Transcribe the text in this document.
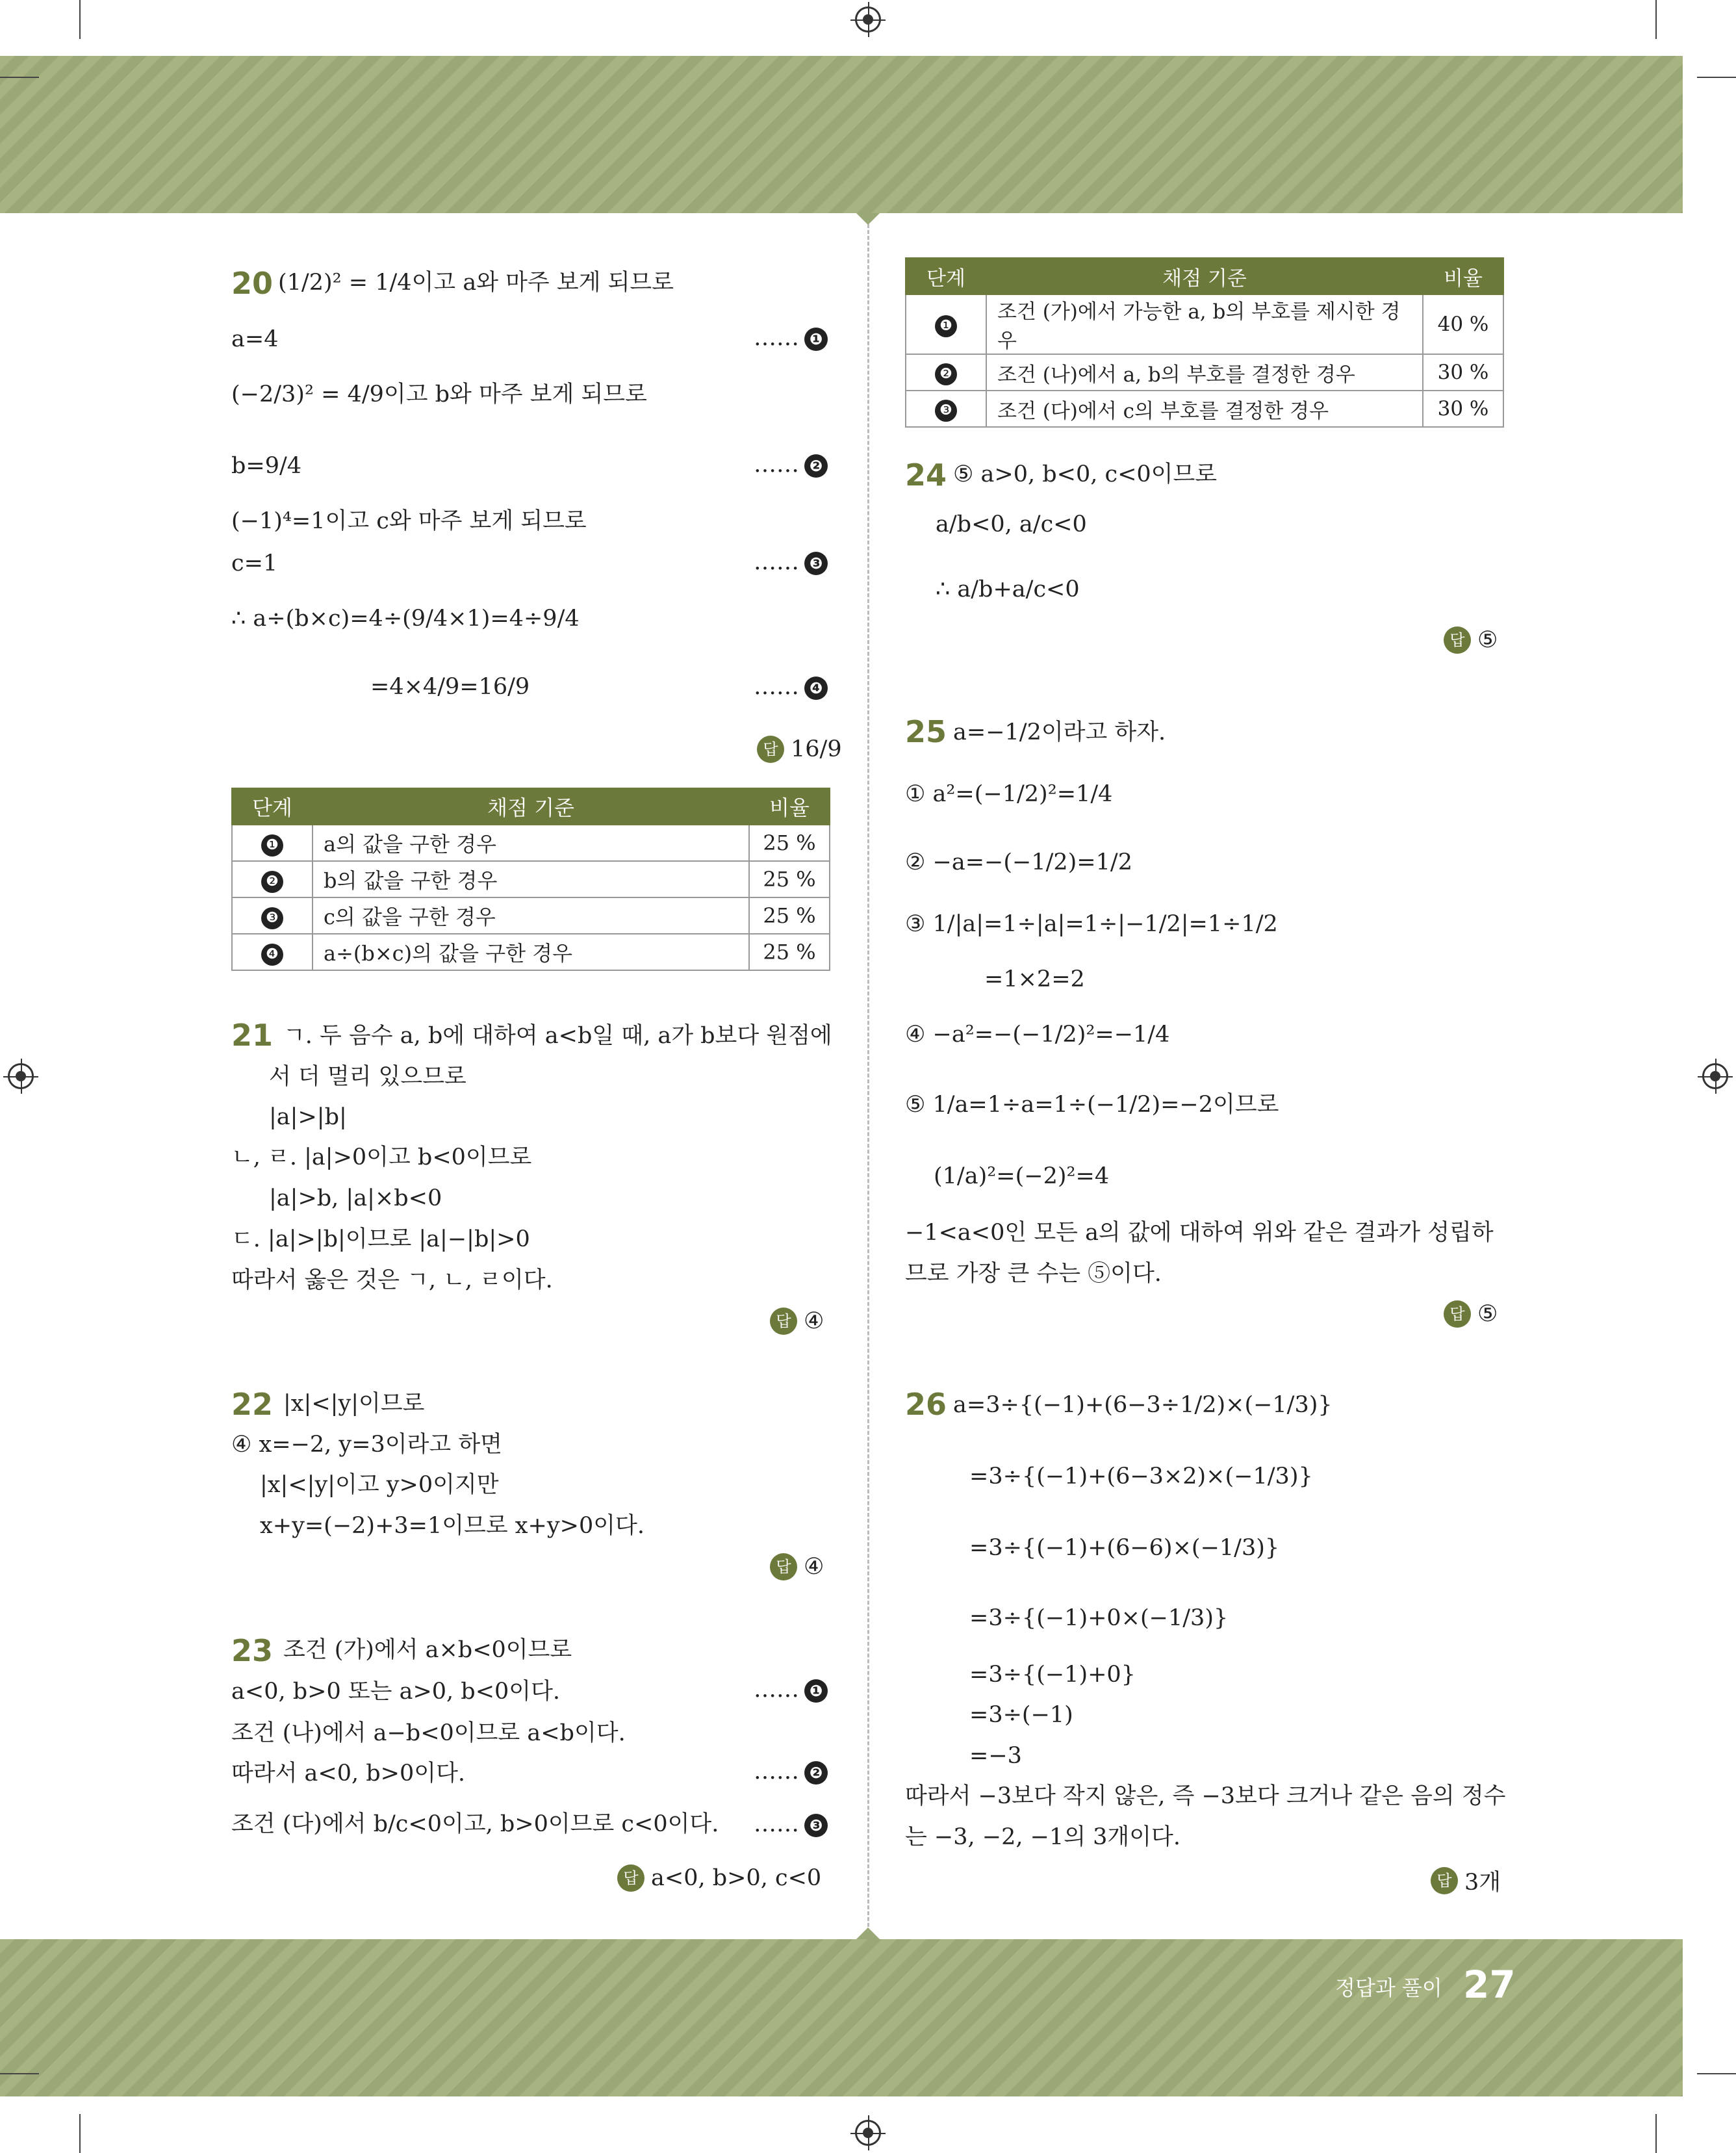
20 (1/2)² = 1/4이고 a와 마주 보게 되므로
a=4
(−2/3)² = 4/9이고 b와 마주 보게 되므로
b=9/4
(−1)⁴=1이고 c와 마주 보게 되므로
c=1
∴ a÷(b×c)=4÷(9/4×1)=4÷9/4
=4×4/9=16/9
…… ❶
…… ❷
…… ❸
…… ❹
답 16/9
단계	채점 기준	비율
❶	a의 값을 구한 경우	25 %
❷	b의 값을 구한 경우	25 %
❸	c의 값을 구한 경우	25 %
❹	a÷(b×c)의 값을 구한 경우	25 %
21 ㄱ. 두 음수 a, b에 대하여 a<b일 때, a가 b보다 원점에
서 더 멀리 있으므로
|a|>|b|
ㄴ, ㄹ. |a|>0이고 b<0이므로
|a|>b, |a|×b<0
ㄷ. |a|>|b|이므로 |a|−|b|>0
따라서 옳은 것은 ㄱ, ㄴ, ㄹ이다.
답 ④
22 |x|<|y|이므로
④ x=−2, y=3이라고 하면
|x|<|y|이고 y>0이지만
x+y=(−2)+3=1이므로 x+y>0이다.
답 ④
23 조건 (가)에서 a×b<0이므로
a<0, b>0 또는 a>0, b<0이다.
조건 (나)에서 a−b<0이므로 a<b이다.
따라서 a<0, b>0이다.
조건 (다)에서 b/c<0이고, b>0이므로 c<0이다.
…… ❶
…… ❷
…… ❸
답 a<0, b>0, c<0
단계	채점 기준	비율
❶	조건 (가)에서 가능한 a, b의 부호를 제시한 경우	40 %
❷	조건 (나)에서 a, b의 부호를 결정한 경우	30 %
❸	조건 (다)에서 c의 부호를 결정한 경우	30 %
24 ⑤ a>0, b<0, c<0이므로
a/b<0, a/c<0
∴ a/b+a/c<0
답 ⑤
25 a=−1/2이라고 하자.
① a²=(−1/2)²=1/4
② −a=−(−1/2)=1/2
③ 1/|a|=1÷|a|=1÷|−1/2|=1÷1/2
=1×2=2
④ −a²=−(−1/2)²=−1/4
⑤ 1/a=1÷a=1÷(−1/2)=−2이므로
(1/a)²=(−2)²=4
−1<a<0인 모든 a의 값에 대하여 위와 같은 결과가 성립하
므로 가장 큰 수는 ⑤이다.
답 ⑤
26 a=3÷{(−1)+(6−3÷1/2)×(−1/3)}
=3÷{(−1)+(6−3×2)×(−1/3)}
=3÷{(−1)+(6−6)×(−1/3)}
=3÷{(−1)+0×(−1/3)}
=3÷{(−1)+0}
=3÷(−1)
=−3
따라서 −3보다 작지 않은, 즉 −3보다 크거나 같은 음의 정수
는 −3, −2, −1의 3개이다.
답 3개
정답과 풀이 27
